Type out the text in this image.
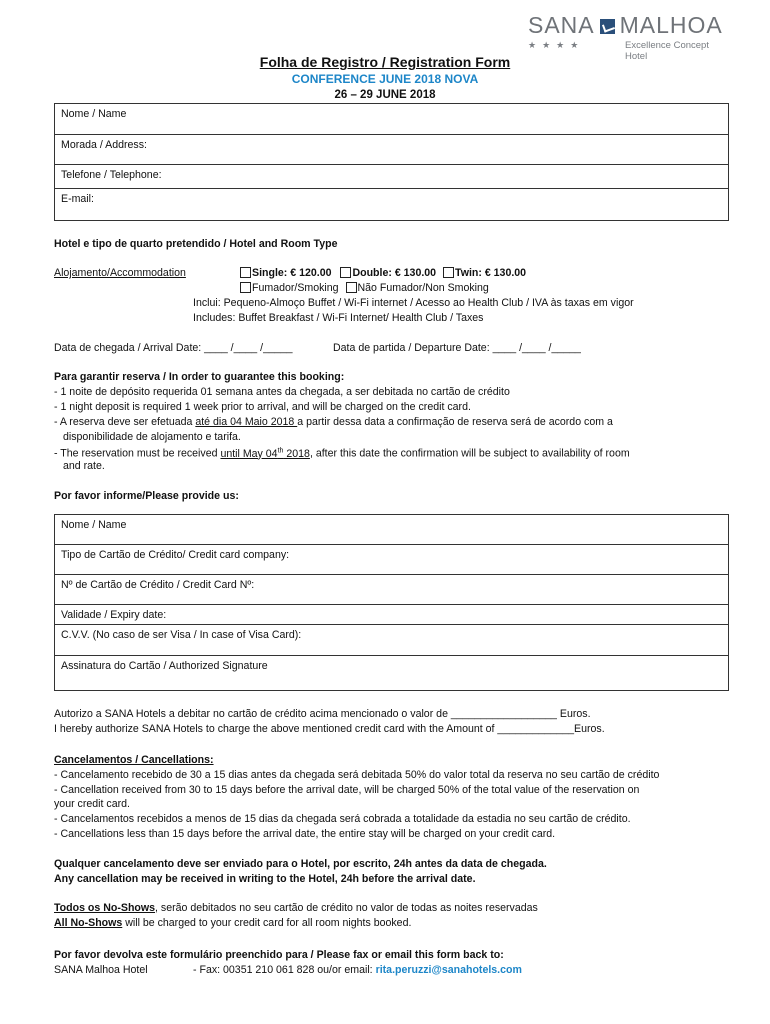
SANA MALHOA
★★★★	Excellence Concept Hotel
Folha de Registro / Registration Form
CONFERENCE JUNE 2018 NOVA
26 – 29 JUNE 2018
Nome / Name
Morada / Address:
Telefone / Telephone:
E-mail:
Hotel e tipo de quarto pretendido / Hotel and Room Type
Alojamento/Accommodation	Single: € 120.00 Double: € 130.00 Twin: € 130.00
Fumador/Smoking Não Fumador/Non Smoking
Inclui: Pequeno-Almoço Buffet / Wi-Fi internet / Acesso ao Health Club / IVA às taxas em vigor
Includes: Buffet Breakfast / Wi-Fi Internet/ Health Club / Taxes
Data de chegada / Arrival Date: ____ /____ /_____	Data de partida / Departure Date: ____ /____ /_____
Para garantir reserva / In order to guarantee this booking:
- 1 noite de depósito requerida 01 semana antes da chegada, a ser debitada no cartão de crédito
- 1 night deposit is required 1 week prior to arrival, and will be charged on the credit card.
- A reserva deve ser efetuada até dia 04 Maio 2018 a partir dessa data a confirmação de reserva será de acordo com a
disponibilidade de alojamento e tarifa.
- The reservation must be received until May 04th 2018, after this date the confirmation will be subject to availability of room
and rate.
Por favor informe/Please provide us:
Nome / Name
Tipo de Cartão de Crédito/ Credit card company:
Nº de Cartão de Crédito / Credit Card Nº:
Validade / Expiry date:
C.V.V. (No caso de ser Visa / In case of Visa Card):
Assinatura do Cartão / Authorized Signature
Autorizo a SANA Hotels a debitar no cartão de crédito acima mencionado o valor de __________________ Euros.
I hereby authorize SANA Hotels to charge the above mentioned credit card with the Amount of _____________Euros.
Cancelamentos / Cancellations:
- Cancelamento recebido de 30 a 15 dias antes da chegada será debitada 50% do valor total da reserva no seu cartão de crédito
- Cancellation received from 30 to 15 days before the arrival date, will be charged 50% of the total value of the reservation on
your credit card.
- Cancelamentos recebidos a menos de 15 dias da chegada será cobrada a totalidade da estadia no seu cartão de crédito.
- Cancellations less than 15 days before the arrival date, the entire stay will be charged on your credit card.
Qualquer cancelamento deve ser enviado para o Hotel, por escrito, 24h antes da data de chegada.
Any cancellation may be received in writing to the Hotel, 24h before the arrival date.
Todos os No-Shows, serão debitados no seu cartão de crédito no valor de todas as noites reservadas
All No-Shows will be charged to your credit card for all room nights booked.
Por favor devolva este formulário preenchido para / Please fax or email this form back to:
SANA Malhoa Hotel	- Fax: 00351 210 061 828 ou/or email: rita.peruzzi@sanahotels.com
